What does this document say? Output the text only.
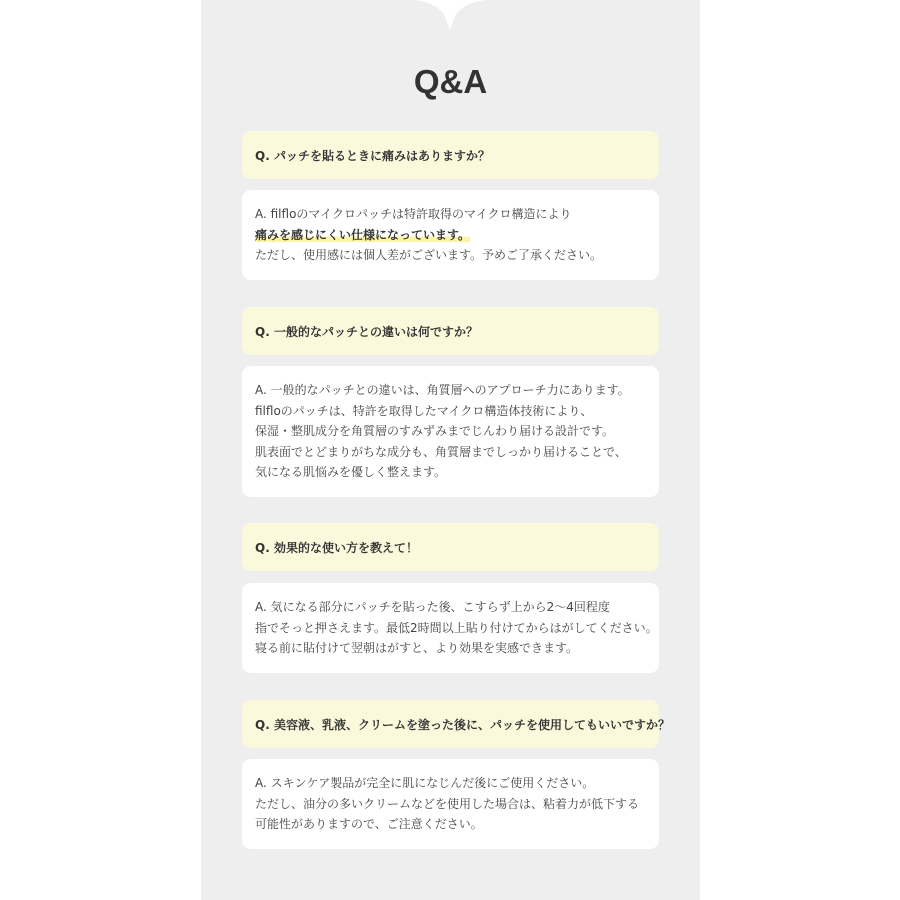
Q&A
Q. パッチを貼るときに痛みはありますか？
A. filfloのマイクロパッチは特許取得のマイクロ構造により
痛みを感じにくい仕様になっています。
ただし、使用感には個人差がございます。予めご了承ください。
Q. 一般的なパッチとの違いは何ですか？
A. 一般的なパッチとの違いは、角質層へのアプローチ力にあります。
filfloのパッチは、特許を取得したマイクロ構造体技術により、
保湿・整肌成分を角質層のすみずみまでじんわり届ける設計です。
肌表面でとどまりがちな成分も、角質層までしっかり届けることで、
気になる肌悩みを優しく整えます。
Q. 効果的な使い方を教えて！
A. 気になる部分にパッチを貼った後、こすらず上から2〜4回程度
指でそっと押さえます。最低2時間以上貼り付けてからはがしてください。
寝る前に貼付けて翌朝はがすと、より効果を実感できます。
Q. 美容液、乳液、クリームを塗った後に、パッチを使用してもいいですか？
A. スキンケア製品が完全に肌になじんだ後にご使用ください。
ただし、油分の多いクリームなどを使用した場合は、粘着力が低下する
可能性がありますので、ご注意ください。
